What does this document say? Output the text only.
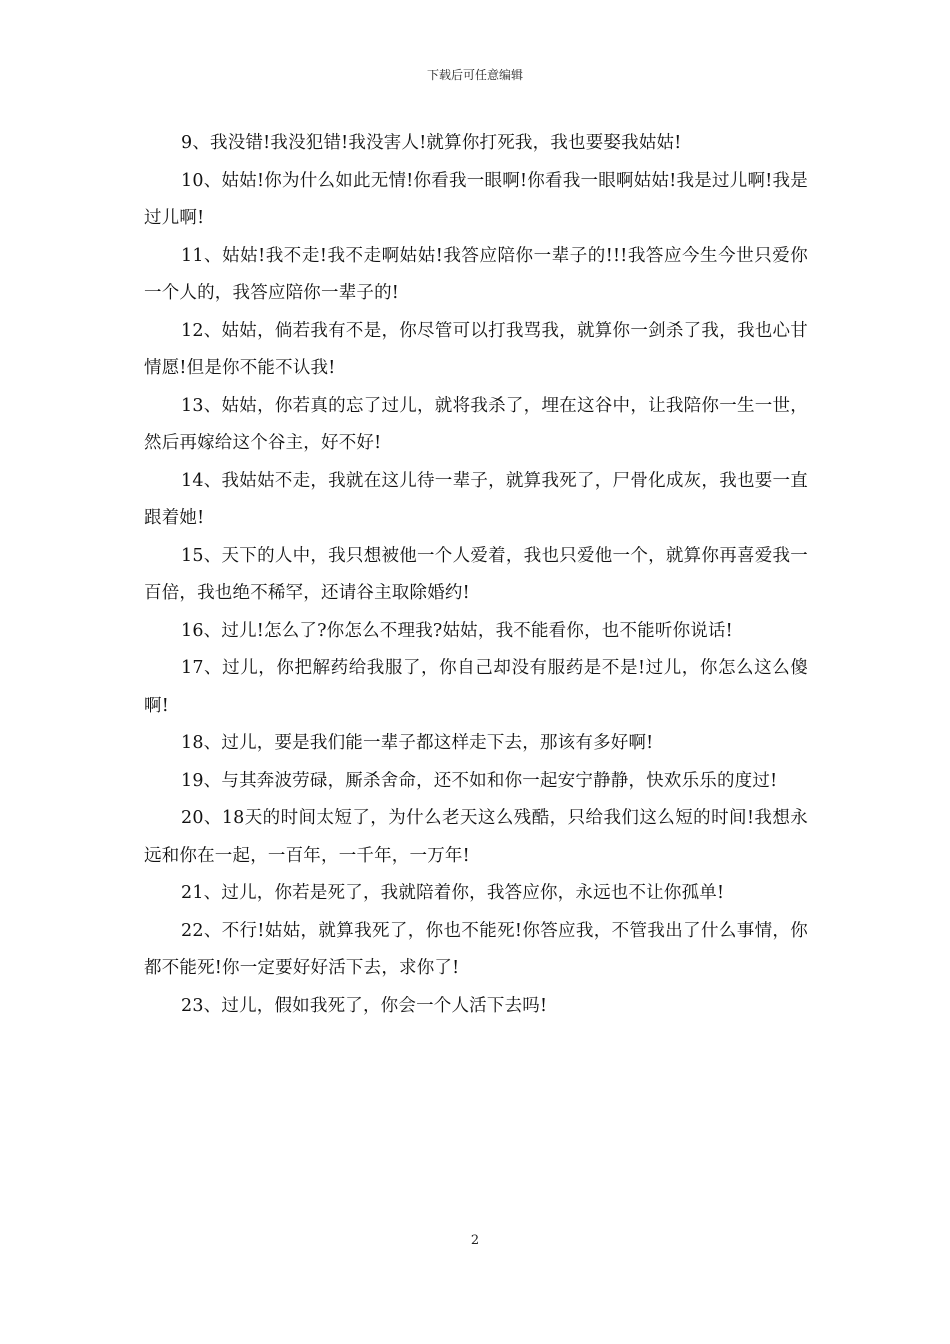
下载后可任意编辑

9、我没错!我没犯错!我没害人!就算你打死我，我也要娶我姑姑!

10、姑姑!你为什么如此无情!你看我一眼啊!你看我一眼啊姑姑!我是过儿啊!我是过儿啊!

11、姑姑!我不走!我不走啊姑姑!我答应陪你一辈子的!!!我答应今生今世只爱你一个人的，我答应陪你一辈子的!

12、姑姑，倘若我有不是，你尽管可以打我骂我，就算你一剑杀了我，我也心甘情愿!但是你不能不认我!

13、姑姑，你若真的忘了过儿，就将我杀了，埋在这谷中，让我陪你一生一世，然后再嫁给这个谷主，好不好!

14、我姑姑不走，我就在这儿待一辈子，就算我死了，尸骨化成灰，我也要一直跟着她!

15、天下的人中，我只想被他一个人爱着，我也只爱他一个，就算你再喜爱我一百倍，我也绝不稀罕，还请谷主取除婚约!

16、过儿!怎么了?你怎么不理我?姑姑，我不能看你，也不能听你说话!

17、过儿，你把解药给我服了，你自己却没有服药是不是!过儿，你怎么这么傻啊!

18、过儿，要是我们能一辈子都这样走下去，那该有多好啊!

19、与其奔波劳碌，厮杀舍命，还不如和你一起安宁静静，快欢乐乐的度过!

20、18天的时间太短了，为什么老天这么残酷，只给我们这么短的时间!我想永远和你在一起，一百年，一千年，一万年!

21、过儿，你若是死了，我就陪着你，我答应你，永远也不让你孤单!

22、不行!姑姑，就算我死了，你也不能死!你答应我，不管我出了什么事情，你都不能死!你一定要好好活下去，求你了!

23、过儿，假如我死了，你会一个人活下去吗!

2
